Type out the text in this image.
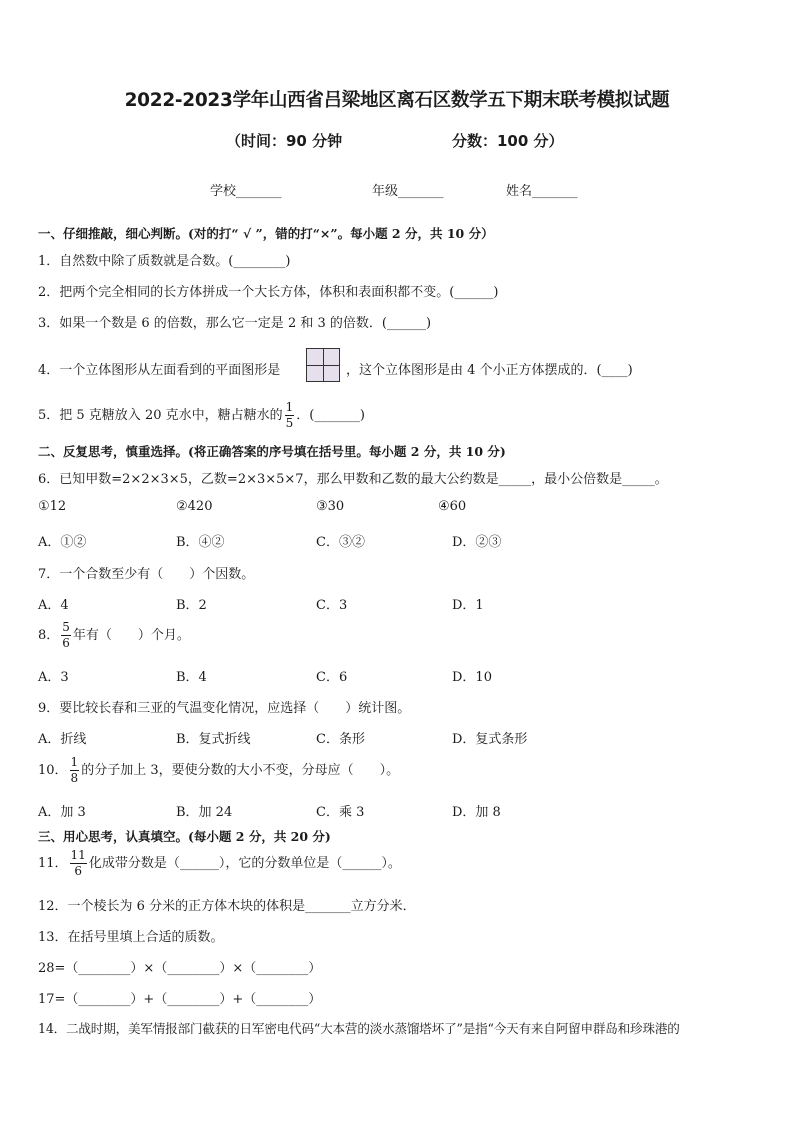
2022-2023学年山西省吕梁地区离石区数学五下期末联考模拟试题
（时间：90 分钟	分数：100 分）
学校_______	年级_______	姓名_______
一、仔细推敲，细心判断。(对的打“ √ ”，错的打“×”。每小题 2 分，共 10 分）
1．自然数中除了质数就是合数。(________)
2．把两个完全相同的长方体拼成一个大长方体，体积和表面积都不变。(______)
3．如果一个数是 6 的倍数，那么它一定是 2 和 3 的倍数．(______)
4．一个立体图形从左面看到的平面图形是	，这个立体图形是由 4 个小正方体摆成的．(____)
5．把 5 克糖放入 20 克水中，糖占糖水的 $\frac{1}{5}$ ．(_______)
二、反复思考，慎重选择。(将正确答案的序号填在括号里。每小题 2 分，共 10 分)
6．已知甲数=2×2×3×5，乙数=2×3×5×7，那么甲数和乙数的最大公约数是_____，最小公倍数是_____。
①12	②420	③30	④60
A．①②	B．④②	C．③②	D．②③
7．一个合数至少有（　　）个因数。
A．4	B．2	C．3	D．1
8． $\frac{5}{6}$ 年有（　　）个月。
A．3	B．4	C．6	D．10
9．要比较长春和三亚的气温变化情况，应选择（　　）统计图。
A．折线	B．复式折线	C．条形	D．复式条形
10． $\frac{1}{8}$ 的分子加上 3，要使分数的大小不变，分母应（　　）。
A．加 3	B．加 24	C．乘 3	D．加 8
三、用心思考，认真填空。(每小题 2 分，共 20 分)
11． $\frac{11}{6}$ 化成带分数是（______），它的分数单位是（______）。
12．一个棱长为 6 分米的正方体木块的体积是_______立方分米．
13．在括号里填上合适的质数。
28=（________）×（________）×（________）
17=（________）+（________）+（________）
14．二战时期，美军情报部门截获的日军密电代码“大本营的淡水蒸馏塔坏了”是指“今天有来自阿留申群岛和珍珠港的
